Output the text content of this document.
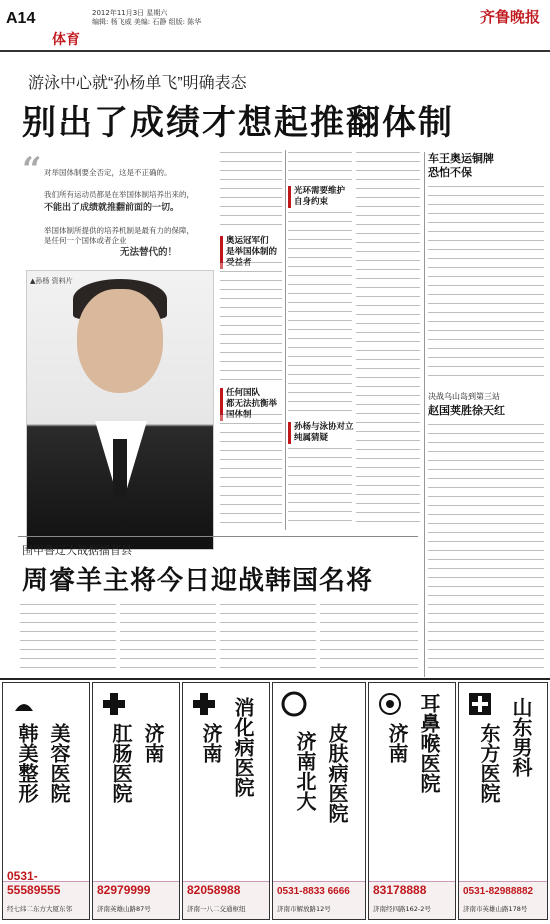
A14	2012年11月3日 星期六
编辑: 杨飞威 美编: 石静 组版: 陈华
体育
齐鲁晚报
游泳中心就“孙杨单飞”明确表态
别出了成绩才想起推翻体制
“ 对举国体制要全否定，这是不正确的。
我们所有运动员都是在举国体制培养出来的，
不能出了成绩就推翻前面的一切。
举国体制所提供的培养机制是最有力的保障，是任何一个国体或者企业
无法替代的！
▲孙杨 资料片
奥运冠军们
是举国体制的受益者
任何国队
都无法抗衡举国体制
光环需要维护
自身约束
孙杨与泳协对立
纯属猜疑
车王奥运铜牌
恐怕不保
决战乌山岛到第三站
赵国荚胜徐天红
围甲鲁辽大战据擂苜县
周睿羊主将今日迎战韩国名将
美容医院
韩美整形
0531-55589555
经七纬二东方大厦东邻
济南
肛肠医院
82979999
济南英雄山路87号
消化病医院
济南
82058988
济南一八二交通枢纽
皮肤病医院
济南北大
0531-8833 6666
济南市解放路12号
耳鼻喉医院
济南
83178888
济南经四路162-2号
山东男科
东方医院
0531-82988882
济南市英雄山路178号
